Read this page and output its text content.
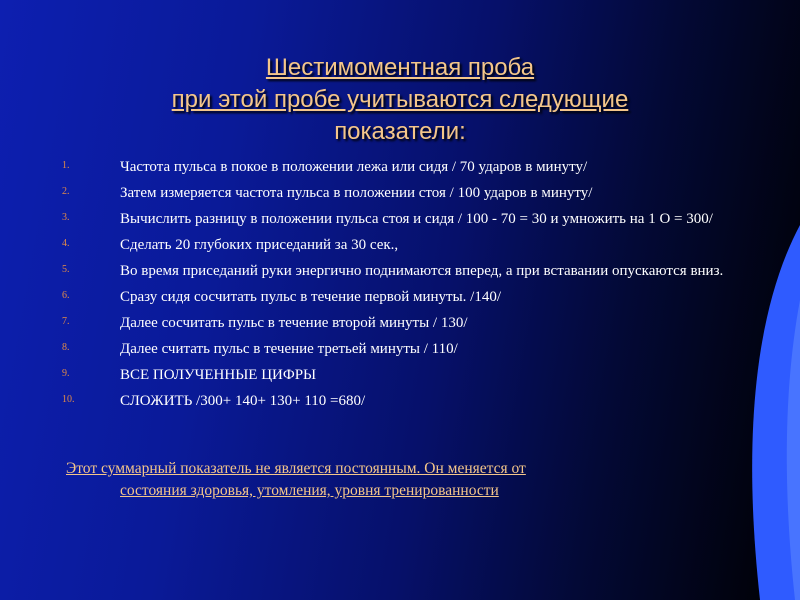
Шестимоментная проба
при этой пробе учитываются следующие
показатели:
1.	Частота пульса в покое в положении лежа или сидя / 70 ударов в минуту/
2.	Затем измеряется частота пульса в положении стоя / 100 ударов в минуту/
3.	Вычислить разницу в положении пульса стоя и сидя / 100 - 70 = 30 и умножить на 1 О = 300/
4.	Сделать 20 глубоких приседаний за 30 сек.,
5.	Во время приседаний руки энергично поднимаются вперед, а при вставании опускаются вниз.
6.	Сразу сидя сосчитать пульс в течение первой минуты. /140/
7.	Далее сосчитать пульс в течение второй минуты / 130/
8.	Далее считать пульс в течение третьей минуты / 110/
9.	ВСЕ ПОЛУЧЕННЫЕ ЦИФРЫ
10.	СЛОЖИТЬ /300+ 140+ 130+ 110 =680/
Этот суммарный показатель не является постоянным. Он меняется от
состояния здоровья, утомления, уровня тренированности
